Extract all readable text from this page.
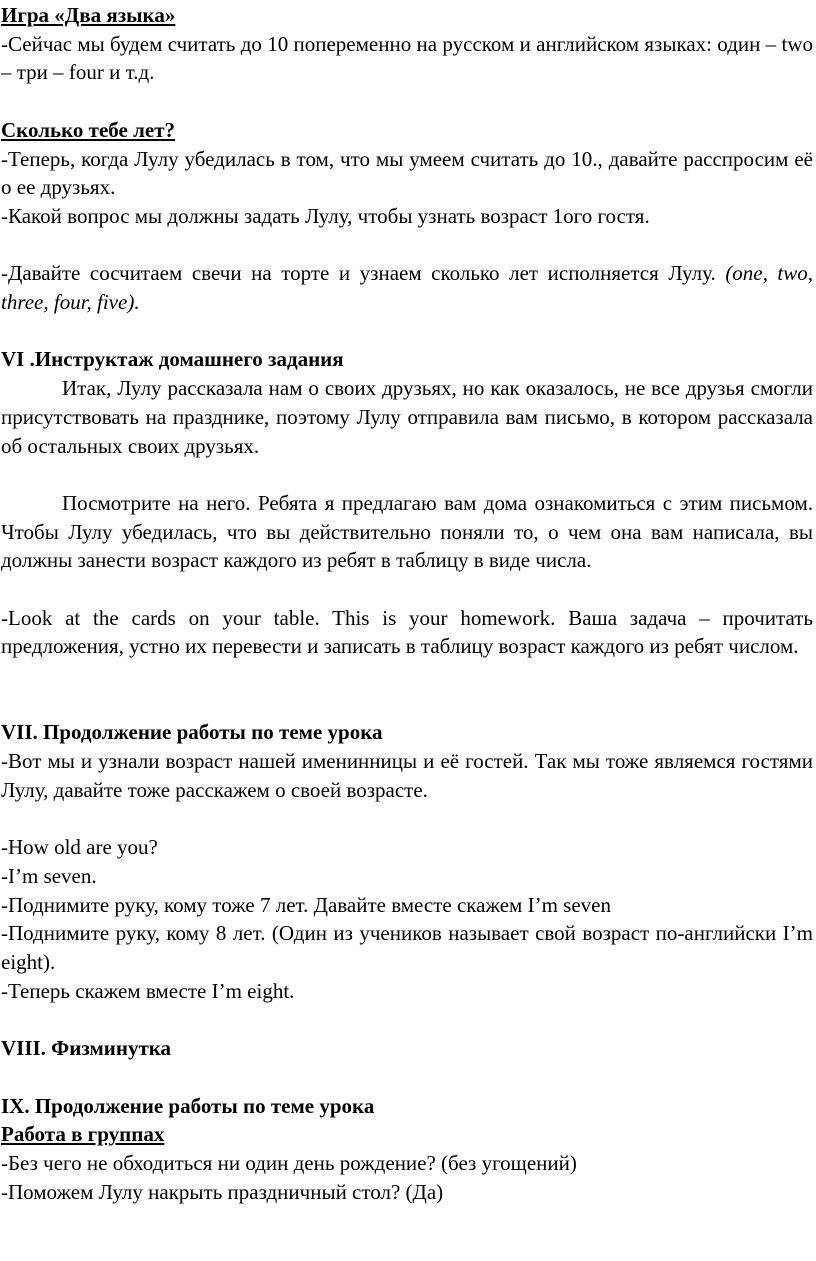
Игра «Два языка»

-Сейчас мы будем считать до 10 попеременно на русском и английском языках: один – two – три – four и т.д.

Сколько тебе лет?

-Теперь, когда Лулу убедилась в том, что мы умеем считать до 10., давайте расспросим её о ее друзьях.

-Какой вопрос мы должны задать Лулу, чтобы узнать возраст 1ого гостя.

-Давайте сосчитаем свечи на торте и узнаем сколько лет исполняется Лулу. (one, two, three, four, five).

VI .Инструктаж домашнего задания

Итак, Лулу рассказала нам о своих друзьях, но как оказалось, не все друзья смогли присутствовать на празднике, поэтому Лулу отправила вам письмо, в котором рассказала об остальных своих друзьях.

Посмотрите на него. Ребята я предлагаю вам дома ознакомиться с этим письмом. Чтобы Лулу убедилась, что вы действительно поняли то, о чем она вам написала, вы должны занести возраст каждого из ребят в таблицу в виде числа.

-Look at the cards on your table. This is your homework. Ваша задача – прочитать предложения, устно их перевести и записать в таблицу возраст каждого из ребят числом.

VII. Продолжение работы по теме урока

-Вот мы и узнали возраст нашей именинницы и её гостей. Так мы тоже являемся гостями Лулу, давайте тоже расскажем о своей возрасте.

-How old are you?

-I’m seven.

-Поднимите руку, кому тоже 7 лет. Давайте вместе скажем I’m seven

-Поднимите руку, кому 8 лет. (Один из учеников называет свой возраст по-английски I’m eight).

-Теперь скажем вместе I’m eight.

VIII. Физминутка

IX. Продолжение работы по теме урока

Работа в группах

-Без чего не обходиться ни один день рождение? (без угощений)

-Поможем Лулу накрыть праздничный стол? (Да)
